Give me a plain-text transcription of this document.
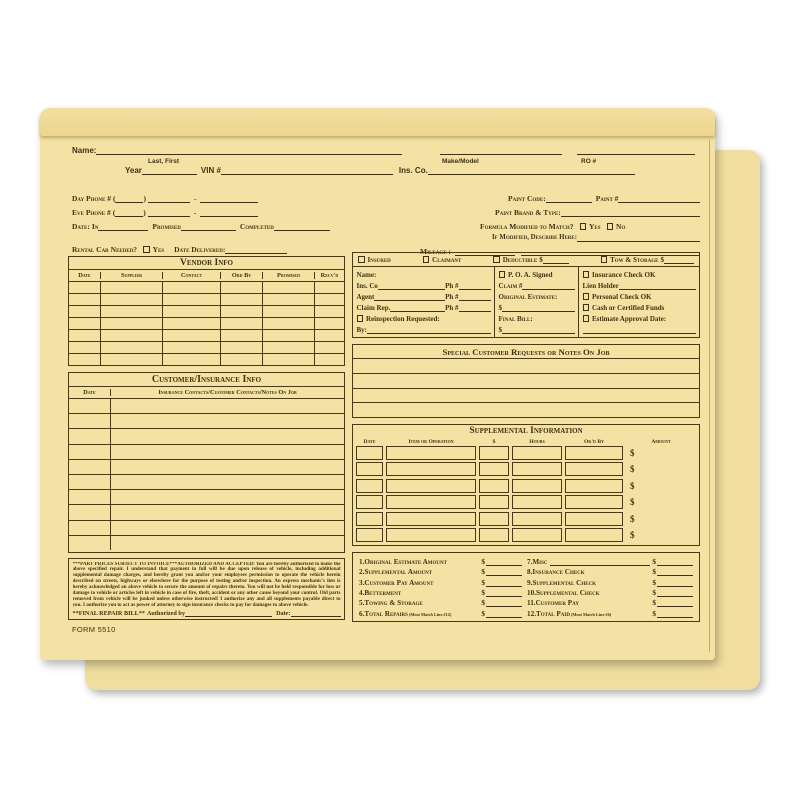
Name:
Last, First	Make/Model	RO #
Year	VIN #	Ins. Co.
Day Phone # (	)	-
Eve Phone # (	)	-
Date: In	Promised	Completed
Rental Car Needed? Yes Date Delivered:
Paint Code:	Paint #
Paint Brand & Type:
Formula Modified to Match? Yes No
If Modified, Describe Here:
Mileage :
Vendor Info
Date	Supplier	Contact	Ord By	Promised	Recv'd
Customer/Insurance Info
Date	Insurance Contacts/Customer Contacts/Notes On Job

***PART PRICES SUBJECT TO INVOICE***AUTHORIZED AND ACCEPTED: You are hereby authorized to make the above specified repair. I understand that payment in full will be due upon release of vehicle, including additional supplemental damage charges, and hereby grant you and/or your employees permission to operate the vehicle herein described on streets, highways or elsewhere for the purpose of testing and/or inspection. An express mechanic's lien is hereby acknowledged on above vehicle to secure the amount of repairs thereto. You will not be held responsible for loss or damage to vehicle or articles left in vehicle in case of fire, theft, accident or any other cause beyond your control. Old parts removed from vehicle will be junked unless otherwise instructed! I authorize any and all supplements payable direct to you. I authorize you to act as power of attorney to sign insurance checks to pay for damages to above vehicle.

**FINAL REPAIR BILL** Authorized by	Date:
FORM 5510
Insured	Claimant	Deductible $	Tow & Storage $
Name:
Ins. Co	Ph #
Agent	Ph #
Claim Rep.	Ph #
Reinspection Requested:
By:
P. O. A. Signed
Claim #
Original Estimate:
$
Final Bill:
$
Insurance Check OK
Lien Holder
Personal Check OK
Cash or Certified Funds
Estimate Approval Date:
Special Customer Requests or Notes On Job
Supplemental Information
Date	Item or Operation	$	Hours	Ok'd By	Amount
$
$
$
$
$
$
1. Original Estimate Amount	$
2. Supplemental Amount	$
3. Customer Pay Amount	$
4. Betterment	$
5. Towing & Storage	$
6. Total Repairs (Must Match Line #12)	$
7. Misc	$
8. Insurance Check	$
9. Supplemental Check	$
10. Supplemental Check	$
11. Customer Pay	$
12. Total Paid (Must Match Line #6)	$
